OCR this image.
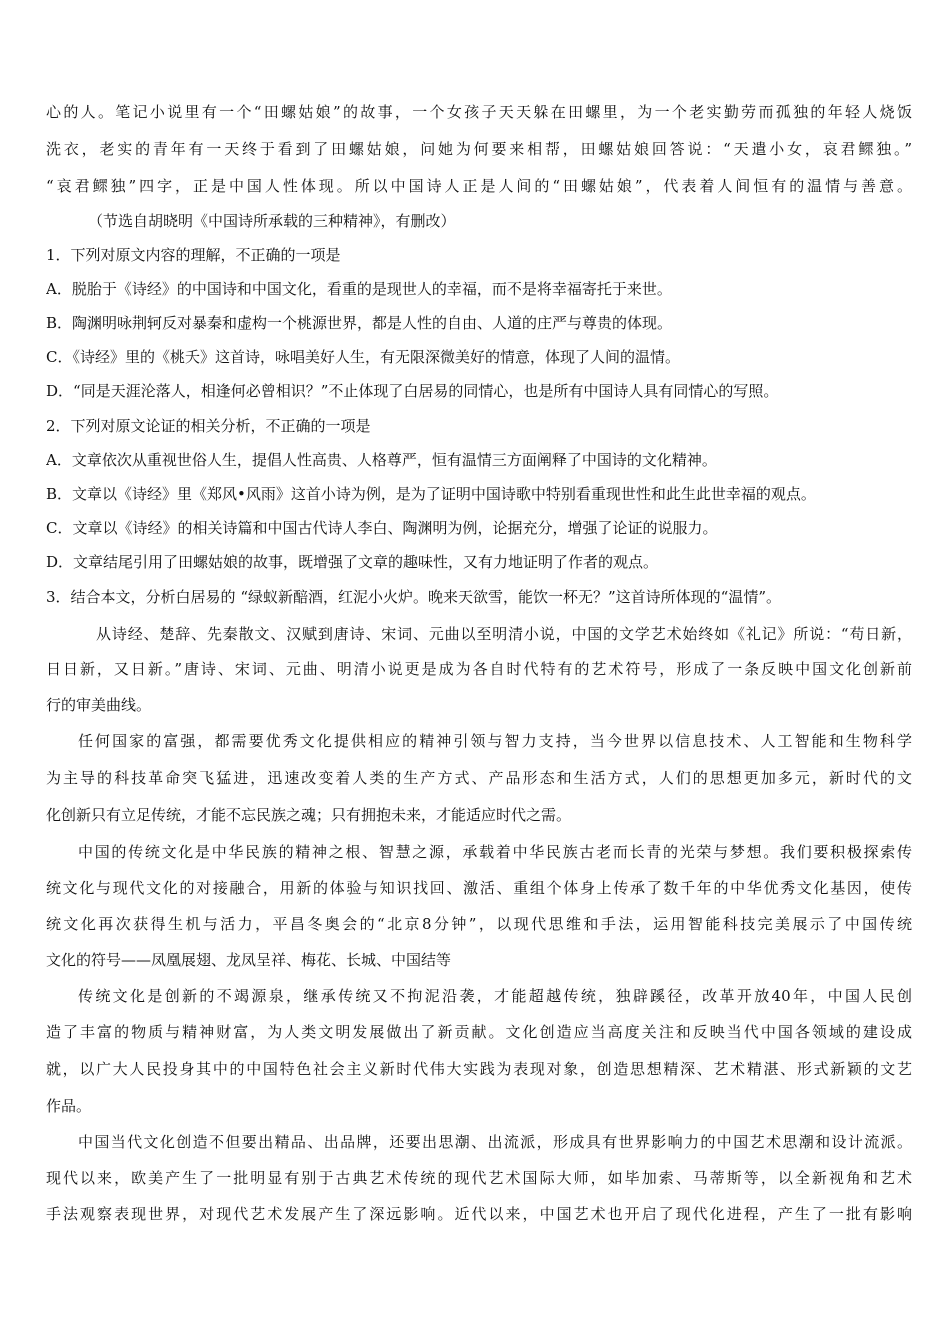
心的人。笔记小说里有一个“田螺姑娘”的故事，一个女孩子天天躲在田螺里，为一个老实勤劳而孤独的年轻人烧饭
洗衣，老实的青年有一天终于看到了田螺姑娘，问她为何要来相帮，田螺姑娘回答说：“天遣小女，哀君鳏独。”
“哀君鳏独”四字，正是中国人性体现。所以中国诗人正是人间的“田螺姑娘”，代表着人间恒有的温情与善意。
（节选自胡晓明《中国诗所承载的三种精神》，有删改）
1．下列对原文内容的理解，不正确的一项是
A．脱胎于《诗经》的中国诗和中国文化，看重的是现世人的幸福，而不是将幸福寄托于来世。
B．陶渊明咏荆轲反对暴秦和虚构一个桃源世界，都是人性的自由、人道的庄严与尊贵的体现。
C．《诗经》里的《桃夭》这首诗，咏唱美好人生，有无限深微美好的情意，体现了人间的温情。
D．“同是天涯沦落人，相逢何必曾相识？”不止体现了白居易的同情心，也是所有中国诗人具有同情心的写照。
2．下列对原文论证的相关分析，不正确的一项是
A．文章依次从重视世俗人生，提倡人性高贵、人格尊严，恒有温情三方面阐释了中国诗的文化精神。
B．文章以《诗经》里《郑风•风雨》这首小诗为例，是为了证明中国诗歌中特别看重现世性和此生此世幸福的观点。
C．文章以《诗经》的相关诗篇和中国古代诗人李白、陶渊明为例，论据充分，增强了论证的说服力。
D．文章结尾引用了田螺姑娘的故事，既增强了文章的趣味性，又有力地证明了作者的观点。
3．结合本文，分析白居易的 “绿蚁新醅酒，红泥小火炉。晚来天欲雪，能饮一杯无？”这首诗所体现的“温情”。
从诗经、楚辞、先秦散文、汉赋到唐诗、宋词、元曲以至明清小说，中国的文学艺术始终如《礼记》所说：“苟日新，
日日新，又日新。”唐诗、宋词、元曲、明清小说更是成为各自时代特有的艺术符号，形成了一条反映中国文化创新前
行的审美曲线。
任何国家的富强，都需要优秀文化提供相应的精神引领与智力支持，当今世界以信息技术、人工智能和生物科学
为主导的科技革命突飞猛进，迅速改变着人类的生产方式、产品形态和生活方式，人们的思想更加多元，新时代的文
化创新只有立足传统，才能不忘民族之魂；只有拥抱未来，才能适应时代之需。
中国的传统文化是中华民族的精神之根、智慧之源，承载着中华民族古老而长青的光荣与梦想。我们要积极探索传
统文化与现代文化的对接融合，用新的体验与知识找回、激活、重组个体身上传承了数千年的中华优秀文化基因，使传
统文化再次获得生机与活力，平昌冬奥会的“北京8分钟”，以现代思维和手法，运用智能科技完美展示了中国传统
文化的符号——凤凰展翅、龙凤呈祥、梅花、长城、中国结等
传统文化是创新的不竭源泉，继承传统又不拘泥沿袭，才能超越传统，独辟蹊径，改革开放40年，中国人民创
造了丰富的物质与精神财富，为人类文明发展做出了新贡献。文化创造应当高度关注和反映当代中国各领域的建设成
就，以广大人民投身其中的中国特色社会主义新时代伟大实践为表现对象，创造思想精深、艺术精湛、形式新颖的文艺
作品。
中国当代文化创造不但要出精品、出品牌，还要出思潮、出流派，形成具有世界影响力的中国艺术思潮和设计流派。
现代以来，欧美产生了一批明显有别于古典艺术传统的现代艺术国际大师，如毕加索、马蒂斯等，以全新视角和艺术
手法观察表现世界，对现代艺术发展产生了深远影响。近代以来，中国艺术也开启了现代化进程，产生了一批有影响
